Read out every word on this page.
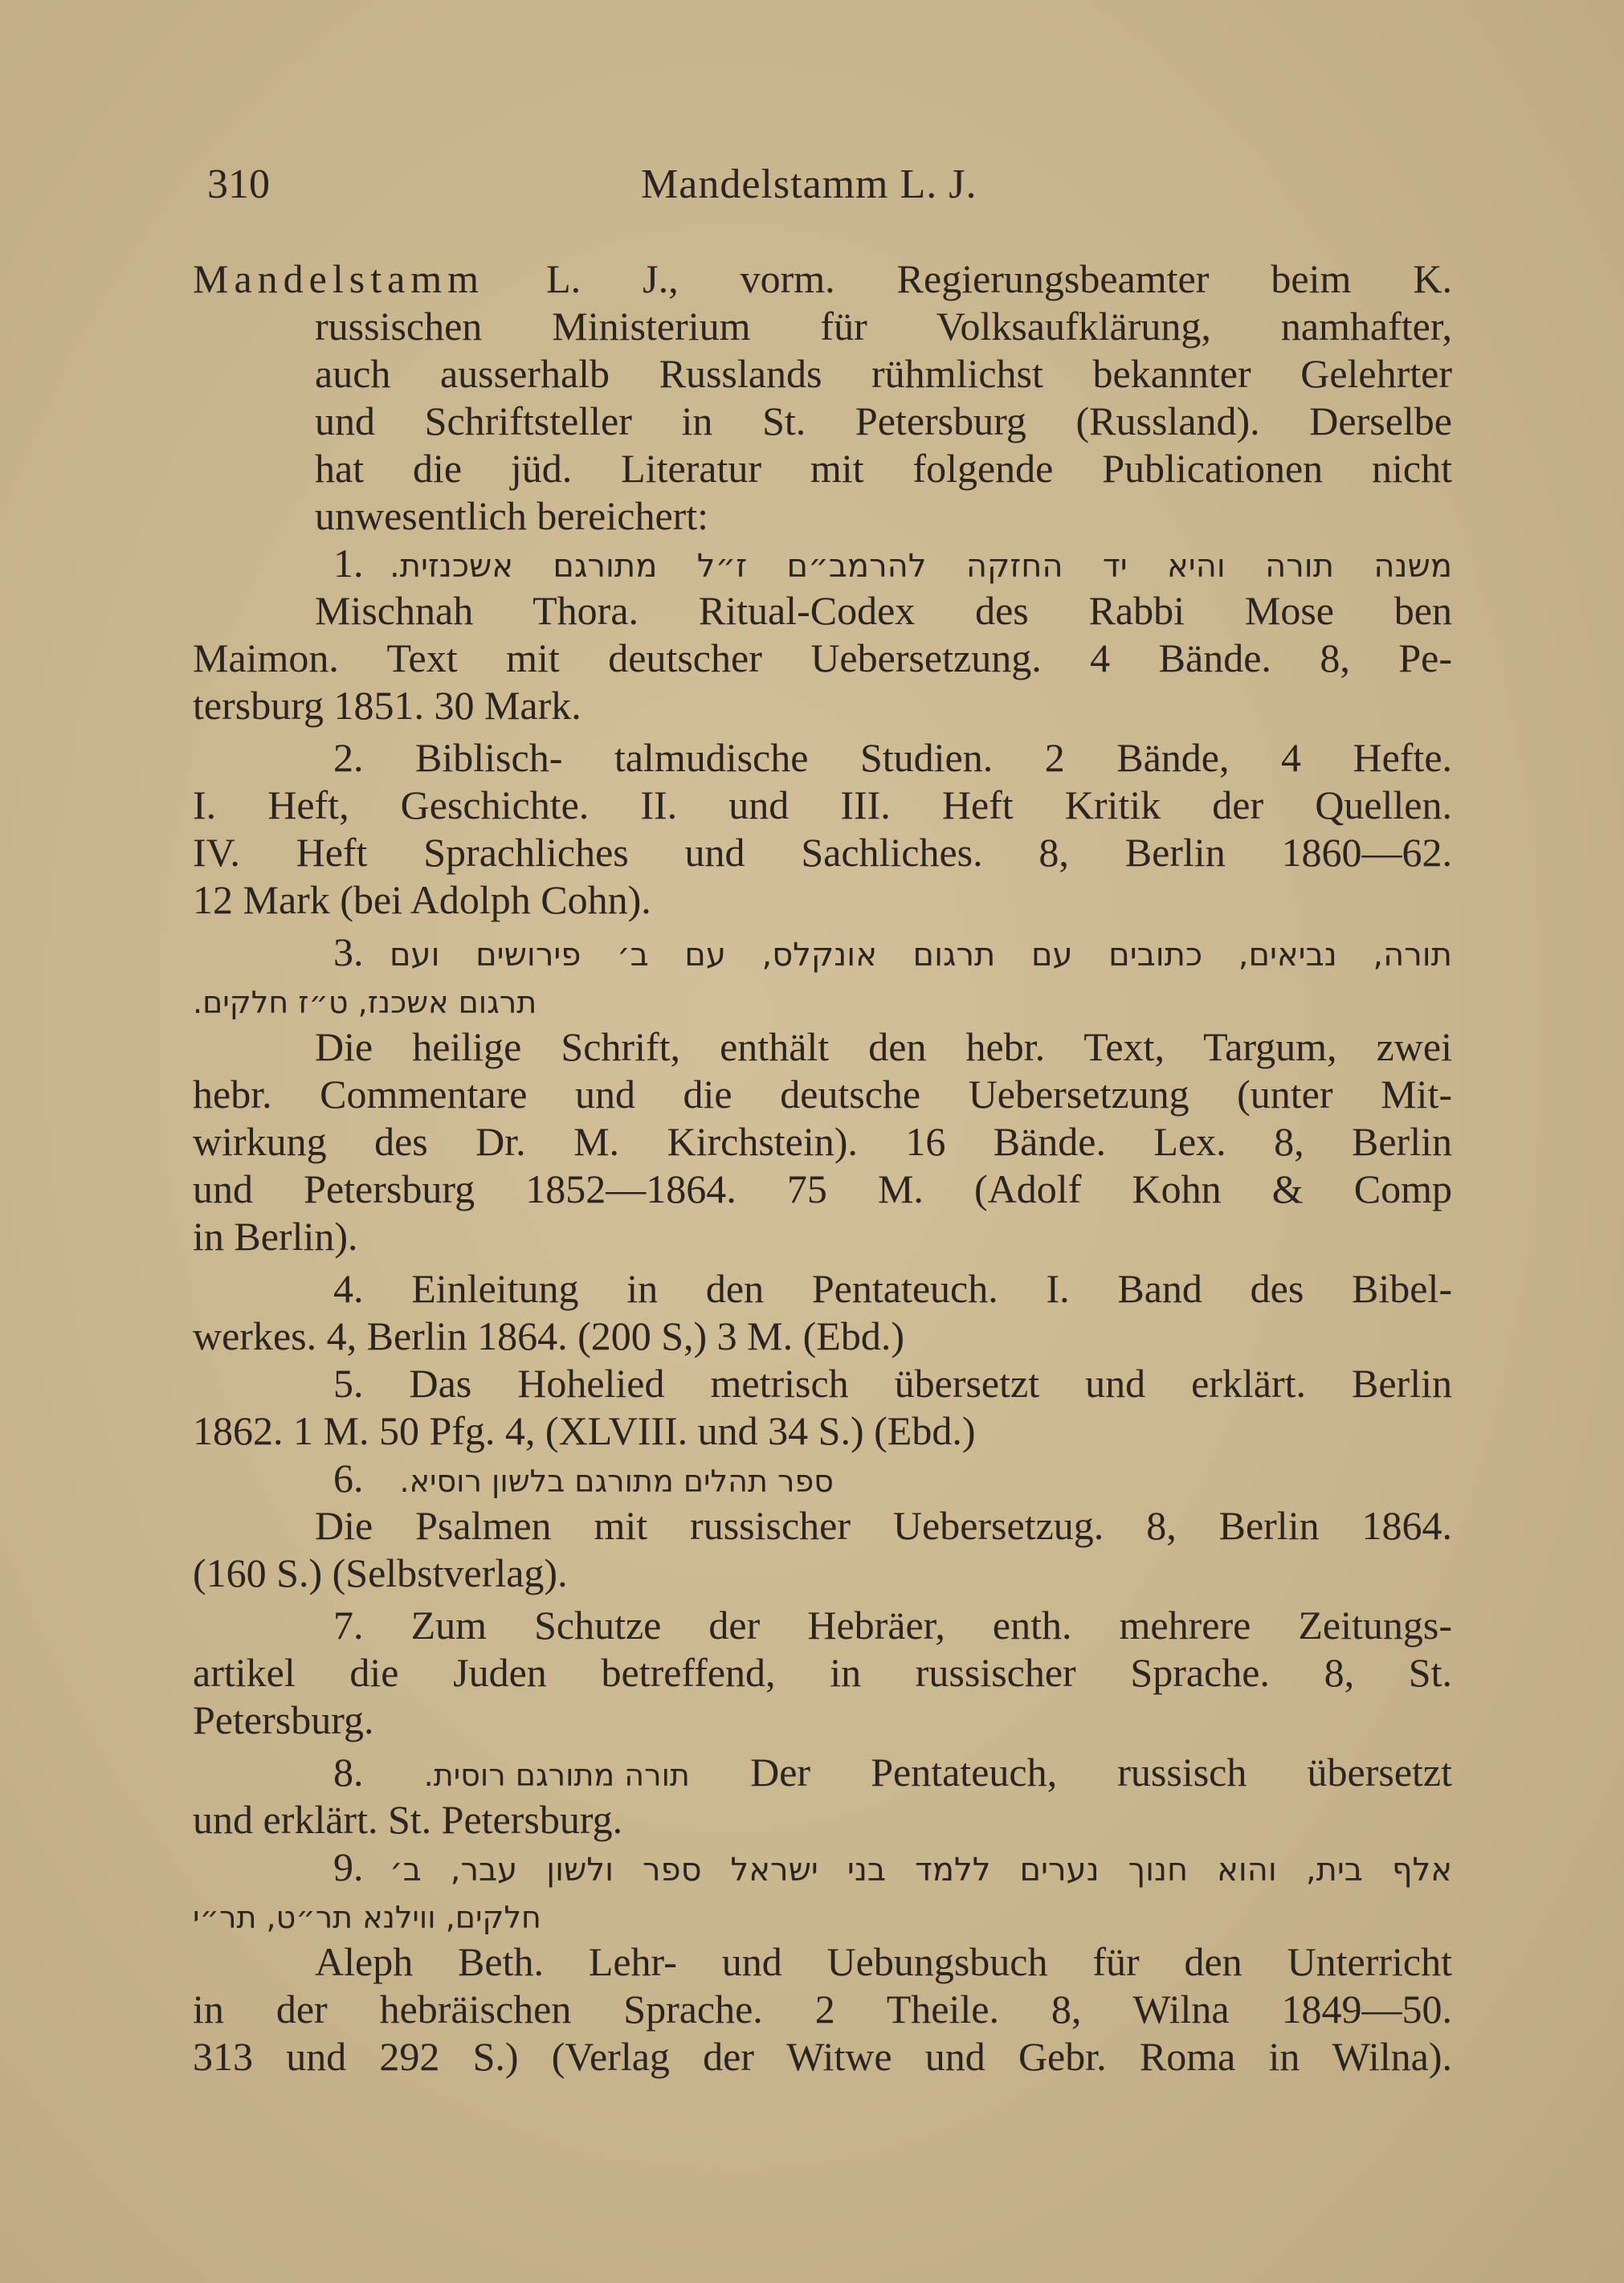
310	Mandelstamm L. J.
Mandelstamm L. J., vorm. Regierungsbeamter beim K.
russischen Ministerium für Volksaufklärung, namhafter,
auch ausserhalb Russlands rühmlichst bekannter Gelehrter
und Schriftsteller in St. Petersburg (Russland). Derselbe
hat die jüd. Literatur mit folgende Publicationen nicht
unwesentlich bereichert:
1. משנה תורה והיא יד החזקה להרמב״ם ז״ל מתורגם אשכנזית.
Mischnah Thora. Ritual-Codex des Rabbi Mose ben
Maimon. Text mit deutscher Uebersetzung. 4 Bände. 8, Pe-
tersburg 1851. 30 Mark.
2. Biblisch- talmudische Studien. 2 Bände, 4 Hefte.
I. Heft, Geschichte. II. und III. Heft Kritik der Quellen.
IV. Heft Sprachliches und Sachliches. 8, Berlin 1860—62.
12 Mark (bei Adolph Cohn).
3. תורה, נביאים, כתובים עם תרגום אונקלס, עם ב׳ פירושים ועם
תרגום אשכנז, ט״ז חלקים.
Die heilige Schrift, enthält den hebr. Text, Targum, zwei
hebr. Commentare und die deutsche Uebersetzung (unter Mit-
wirkung des Dr. M. Kirchstein). 16 Bände. Lex. 8, Berlin
und Petersburg 1852—1864. 75 M. (Adolf Kohn & Comp
in Berlin).
4. Einleitung in den Pentateuch. I. Band des Bibel-
werkes. 4, Berlin 1864. (200 S,) 3 M. (Ebd.)
5. Das Hohelied metrisch übersetzt und erklärt. Berlin
1862. 1 M. 50 Pfg. 4, (XLVIII. und 34 S.) (Ebd.)
6. ספר תהלים מתורגם בלשון רוסיא.
Die Psalmen mit russischer Uebersetzug. 8, Berlin 1864.
(160 S.) (Selbstverlag).
7. Zum Schutze der Hebräer, enth. mehrere Zeitungs-
artikel die Juden betreffend, in russischer Sprache. 8, St.
Petersburg.
8. תורה מתורגם רוסית. Der Pentateuch, russisch übersetzt
und erklärt. St. Petersburg.
9. אלף בית, והוא חנוך נערים ללמד בני ישראל ספר ולשון עבר, ב׳
חלקים, ווילנא תר״ט, תר״י
Aleph Beth. Lehr- und Uebungsbuch für den Unterricht
in der hebräischen Sprache. 2 Theile. 8, Wilna 1849—50.
313 und 292 S.) (Verlag der Witwe und Gebr. Roma in Wilna).
